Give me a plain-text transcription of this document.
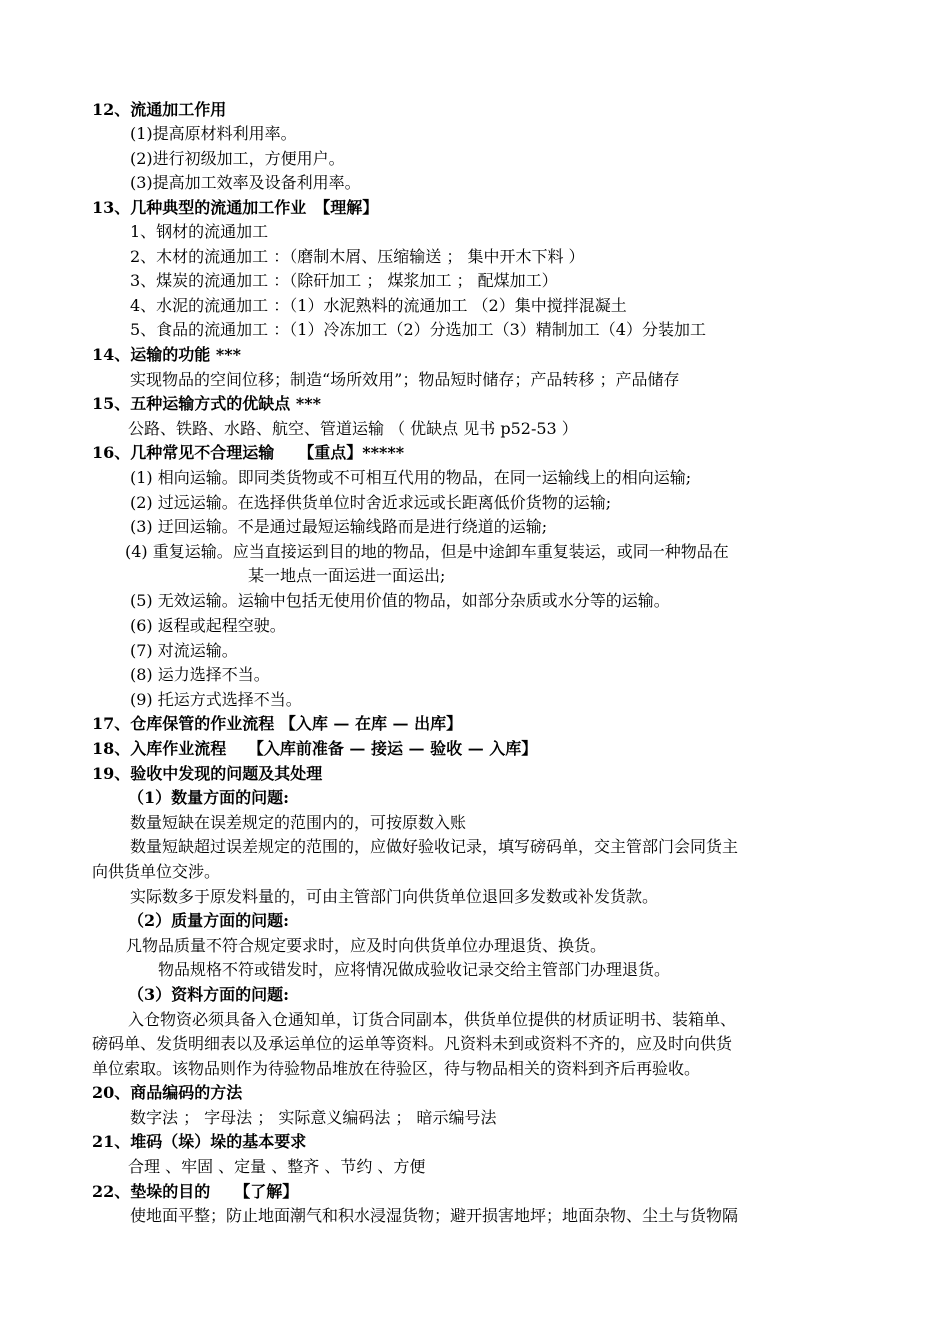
12、流通加工作用
(1)提高原材料利用率。
(2)进行初级加工，方便用户。
(3)提高加工效率及设备利用率。
13、几种典型的流通加工作业　【理解】
1、钢材的流通加工
2、木材的流通加工 ：（磨制木屑、压缩输送 ； 集中开木下料 ）
3、煤炭的流通加工 ：（除矸加工 ； 煤浆加工 ； 配煤加工）
4、水泥的流通加工 ：（1）水泥熟料的流通加工 （2）集中搅拌混凝土
5、食品的流通加工 ：（1）冷冻加工（2）分选加工（3）精制加工（4）分装加工
14、运输的功能 ***
实现物品的空间位移；制造“场所效用”；物品短时储存；产品转移 ；产品储存
15、五种运输方式的优缺点 ***
公路、铁路、水路、航空、管道运输 （ 优缺点 见书 p52-53 ）
16、几种常见不合理运输　　【重点】*****
(1) 相向运输。即同类货物或不可相互代用的物品，在同一运输线上的相向运输;
(2) 过远运输。在选择供货单位时舍近求远或长距离低价货物的运输;
(3) 迂回运输。不是通过最短运输线路而是进行绕道的运输;
(4) 重复运输。应当直接运到目的地的物品，但是中途卸车重复装运，或同一种物品在
某一地点一面运进一面运出;
(5) 无效运输。运输中包括无使用价值的物品，如部分杂质或水分等的运输。
(6) 返程或起程空驶。
(7) 对流运输。
(8) 运力选择不当。
(9) 托运方式选择不当。
17、仓库保管的作业流程 【入库 — 在库 — 出库】
18、入库作业流程　 【入库前准备 — 接运 — 验收 — 入库】
19、验收中发现的问题及其处理
（1）数量方面的问题:
数量短缺在误差规定的范围内的，可按原数入账
数量短缺超过误差规定的范围的，应做好验收记录，填写磅码单，交主管部门会同货主
向供货单位交涉。
实际数多于原发料量的，可由主管部门向供货单位退回多发数或补发货款。
（2）质量方面的问题:
凡物品质量不符合规定要求时，应及时向供货单位办理退货、换货。
物品规格不符或错发时，应将情况做成验收记录交给主管部门办理退货。
（3）资料方面的问题:
入仓物资必须具备入仓通知单，订货合同副本，供货单位提供的材质证明书、装箱单、
磅码单、发货明细表以及承运单位的运单等资料。凡资料未到或资料不齐的，应及时向供货
单位索取。该物品则作为待验物品堆放在待验区，待与物品相关的资料到齐后再验收。
20、商品编码的方法
数字法 ； 字母法 ； 实际意义编码法 ； 暗示编号法
21、堆码（垛）垛的基本要求
合理 、牢固 、定量 、整齐 、节约 、方便
22、垫垛的目的　　【了解】
使地面平整；防止地面潮气和积水浸湿货物；避开损害地坪；地面杂物、尘土与货物隔
